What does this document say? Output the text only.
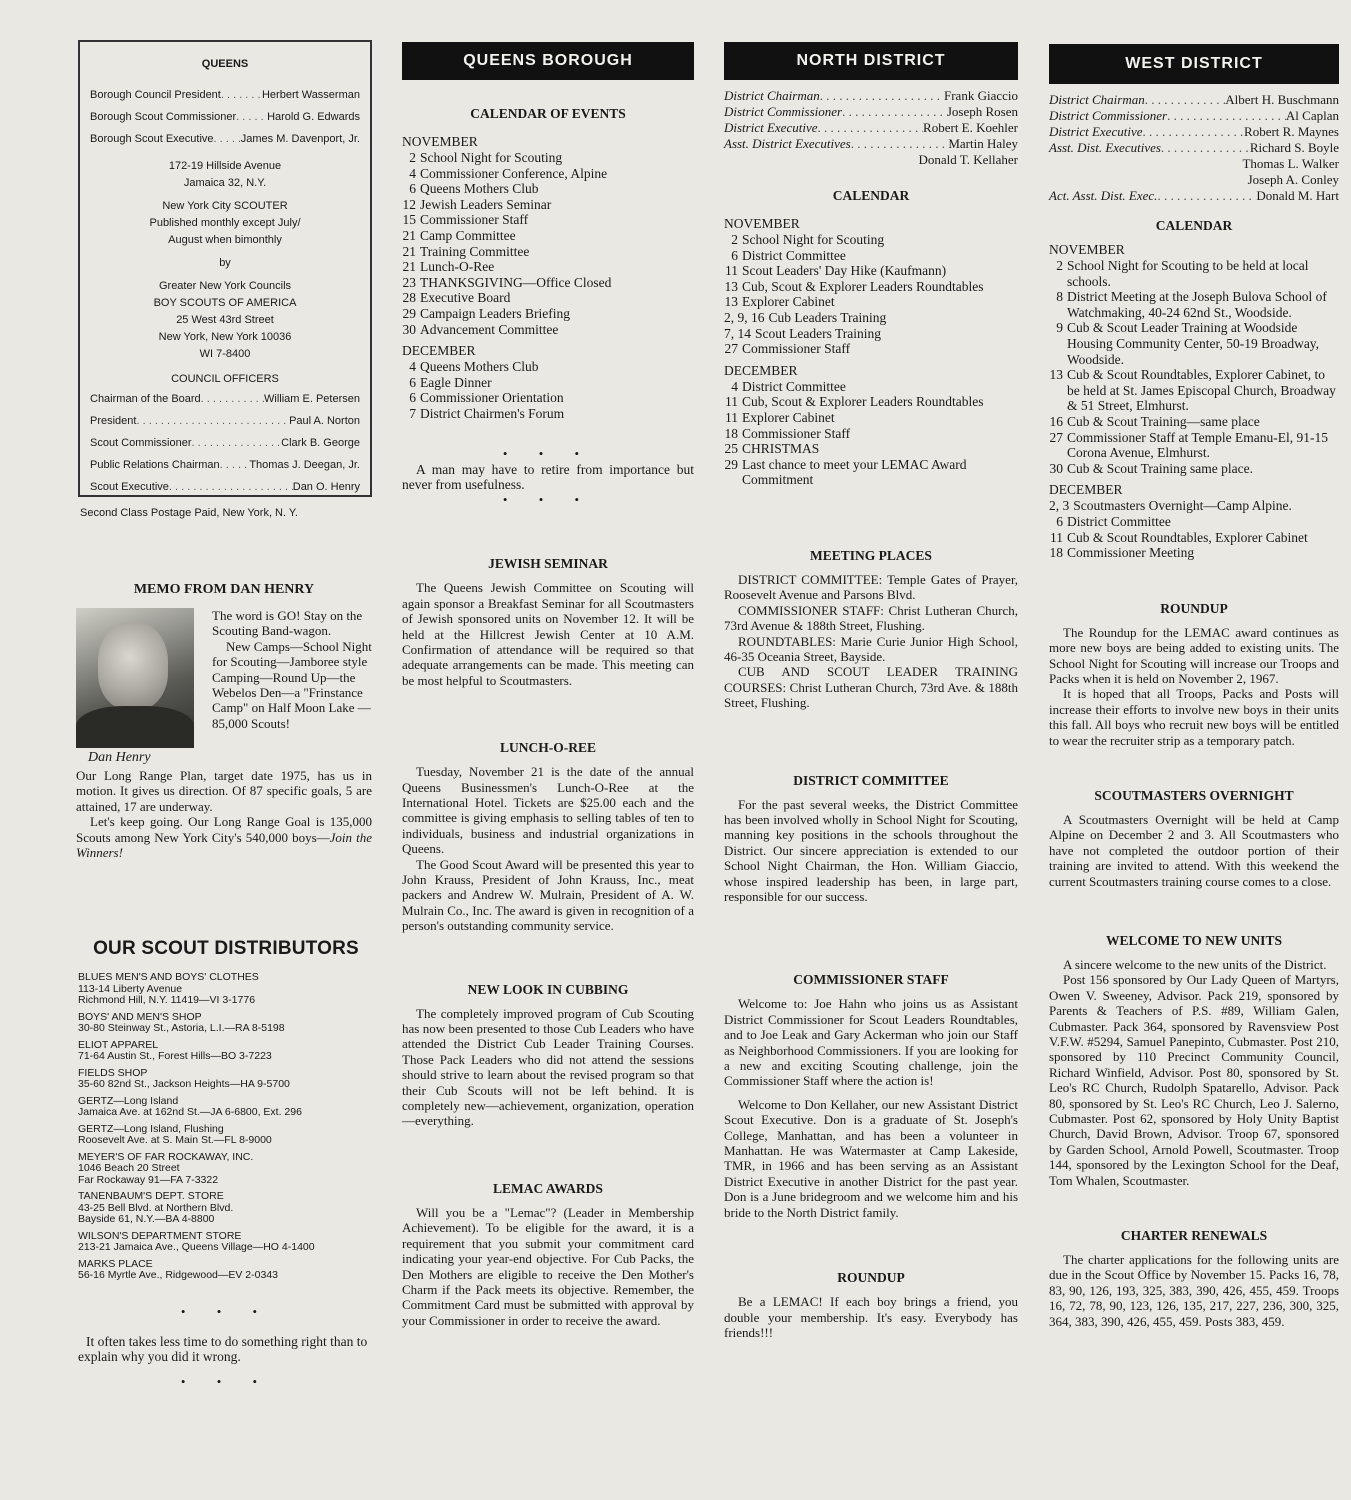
QUEENS
Borough Council President . . .	Herbert Wasserman
Borough Scout Commissioner . . .	Harold G. Edwards
Borough Scout Executive . . . James M. Davenport, Jr.
172-19 Hillside Avenue
Jamaica 32, N.Y.
New York City SCOUTER
Published monthly except July/
August when bimonthly
by
Greater New York Councils
BOY SCOUTS OF AMERICA
25 West 43rd Street
New York, New York 10036
WI 7-8400
COUNCIL OFFICERS
Chairman of the Board . . .	William E. Petersen
President . . .	Paul A. Norton
Scout Commissioner . . .	Clark B. George
Public Relations Chairman . . .	Thomas J. Deegan, Jr.
Scout Executive . . .	Dan O. Henry
Second Class Postage Paid, New York, N. Y.
MEMO FROM DAN HENRY
Dan Henry

The word is GO! Stay on the Scouting Band-wagon.

New Camps—School Night for Scouting—Jamboree style Camping—Round Up—the Webelos Den—a "Frinstance Camp" on Half Moon Lake — 85,000 Scouts!

Our Long Range Plan, target date 1975, has us in motion. It gives us direction. Of 87 specific goals, 5 are attained, 17 are underway.

Let's keep going. Our Long Range Goal is 135,000 Scouts among New York City's 540,000 boys—Join the Winners!

OUR SCOUT DISTRIBUTORS
BLUES MEN'S AND BOYS' CLOTHES
113-14 Liberty Avenue
Richmond Hill, N.Y. 11419—VI 3-1776
BOYS' AND MEN'S SHOP
30-80 Steinway St., Astoria, L.I.—RA 8-5198
ELIOT APPAREL
71-64 Austin St., Forest Hills—BO 3-7223
FIELDS SHOP
35-60 82nd St., Jackson Heights—HA 9-5700
GERTZ—Long Island
Jamaica Ave. at 162nd St.—JA 6-6800, Ext. 296
GERTZ—Long Island, Flushing
Roosevelt Ave. at S. Main St.—FL 8-9000
MEYER'S OF FAR ROCKAWAY, INC.
1046 Beach 20 Street
Far Rockaway 91—FA 7-3322
TANENBAUM'S DEPT. STORE
43-25 Bell Blvd. at Northern Blvd.
Bayside 61, N.Y.—BA 4-8800
WILSON'S DEPARTMENT STORE
213-21 Jamaica Ave., Queens Village—HO 4-1400
MARKS PLACE
56-16 Myrtle Ave., Ridgewood—EV 2-0343

• • •

It often takes less time to do something right than to explain why you did it wrong.

• • •

QUEENS BOROUGH
CALENDAR OF EVENTS
NOVEMBER

2 School Night for Scouting

4 Commissioner Conference, Alpine

6 Queens Mothers Club

12 Jewish Leaders Seminar

15 Commissioner Staff

21 Camp Committee

21 Training Committee

21 Lunch-O-Ree

23 THANKSGIVING—Office Closed

28 Executive Board

29 Campaign Leaders Briefing

30 Advancement Committee

DECEMBER

4 Queens Mothers Club

6 Eagle Dinner

6 Commissioner Orientation

7 District Chairmen's Forum

• • •

A man may have to retire from importance but never from usefulness.

• • •

JEWISH SEMINAR

The Queens Jewish Committee on Scouting will again sponsor a Breakfast Seminar for all Scoutmasters of Jewish sponsored units on November 12. It will be held at the Hillcrest Jewish Center at 10 A.M. Confirmation of attendance will be required so that adequate arrangements can be made. This meeting can be most helpful to Scoutmasters.

LUNCH-O-REE

Tuesday, November 21 is the date of the annual Queens Businessmen's Lunch-O-Ree at the International Hotel. Tickets are $25.00 each and the committee is giving emphasis to selling tables of ten to individuals, business and industrial organizations in Queens.

The Good Scout Award will be presented this year to John Krauss, President of John Krauss, Inc., meat packers and Andrew W. Mulrain, President of A. W. Mulrain Co., Inc. The award is given in recognition of a person's outstanding community service.

NEW LOOK IN CUBBING

The completely improved program of Cub Scouting has now been presented to those Cub Leaders who have attended the District Cub Leader Training Courses. Those Pack Leaders who did not attend the sessions should strive to learn about the revised program so that their Cub Scouts will not be left behind. It is completely new—achievement, organization, operation—everything.

LEMAC AWARDS

Will you be a "Lemac"? (Leader in Membership Achievement). To be eligible for the award, it is a requirement that you submit your commitment card indicating your year-end objective. For Cub Packs, the Den Mothers are eligible to receive the Den Mother's Charm if the Pack meets its objective. Remember, the Commitment Card must be submitted with approval by your Commissioner in order to receive the award.

NORTH DISTRICT
District Chairman . . .	Frank Giaccio
District Commissioner . . .	Joseph Rosen
District Executive . . .	Robert E. Koehler
Asst. District Executives . . .	Martin Haley
Donald T. Kellaher
CALENDAR
NOVEMBER

2 School Night for Scouting

6 District Committee

11 Scout Leaders' Day Hike (Kaufmann)

13 Cub, Scout & Explorer Leaders Roundtables

13 Explorer Cabinet

2, 9, 16 Cub Leaders Training

7, 14 Scout Leaders Training

27 Commissioner Staff

DECEMBER

4 District Committee

11 Cub, Scout & Explorer Leaders Roundtables

11 Explorer Cabinet

18 Commissioner Staff

25 CHRISTMAS

29 Last chance to meet your LEMAC Award Commitment

MEETING PLACES

DISTRICT COMMITTEE: Temple Gates of Prayer, Roosevelt Avenue and Parsons Blvd.

COMMISSIONER STAFF: Christ Lutheran Church, 73rd Avenue & 188th Street, Flushing.

ROUNDTABLES: Marie Curie Junior High School, 46-35 Oceania Street, Bayside.

CUB AND SCOUT LEADER TRAINING COURSES: Christ Lutheran Church, 73rd Ave. & 188th Street, Flushing.

DISTRICT COMMITTEE

For the past several weeks, the District Committee has been involved wholly in School Night for Scouting, manning key positions in the schools throughout the District. Our sincere appreciation is extended to our School Night Chairman, the Hon. William Giaccio, whose inspired leadership has been, in large part, responsible for our success.

COMMISSIONER STAFF

Welcome to: Joe Hahn who joins us as Assistant District Commissioner for Scout Leaders Roundtables, and to Joe Leak and Gary Ackerman who join our Staff as Neighborhood Commissioners. If you are looking for a new and exciting Scouting challenge, join the Commissioner Staff where the action is!

Welcome to Don Kellaher, our new Assistant District Scout Executive. Don is a graduate of St. Joseph's College, Manhattan, and has been a volunteer in Manhattan. He was Watermaster at Camp Lakeside, TMR, in 1966 and has been serving as an Assistant District Executive in another District for the past year. Don is a June bridegroom and we welcome him and his bride to the North District family.

ROUNDUP

Be a LEMAC! If each boy brings a friend, you double your membership. It's easy. Everybody has friends!!!

WEST DISTRICT
District Chairman . . .	Albert H. Buschmann
District Commissioner . . .	Al Caplan
District Executive . . .	Robert R. Maynes
Asst. Dist. Executives . . .	Richard S. Boyle
Thomas L. Walker
Joseph A. Conley
Act. Asst. Dist. Exec. . . .	Donald M. Hart
CALENDAR
NOVEMBER

2 School Night for Scouting to be held at local schools.

8 District Meeting at the Joseph Bulova School of Watchmaking, 40-24 62nd St., Woodside.

9 Cub & Scout Leader Training at Woodside Housing Community Center, 50-19 Broadway, Woodside.

13 Cub & Scout Roundtables, Explorer Cabinet, to be held at St. James Episcopal Church, Broadway & 51 Street, Elmhurst.

16 Cub & Scout Training—same place

27 Commissioner Staff at Temple Emanu-El, 91-15 Corona Avenue, Elmhurst.

30 Cub & Scout Training same place.

DECEMBER

2, 3 Scoutmasters Overnight—Camp Alpine.

6 District Committee

11 Cub & Scout Roundtables, Explorer Cabinet

18 Commissioner Meeting

ROUNDUP

The Roundup for the LEMAC award continues as more new boys are being added to existing units. The School Night for Scouting will increase our Troops and Packs when it is held on November 2, 1967.

It is hoped that all Troops, Packs and Posts will increase their efforts to involve new boys in their units this fall. All boys who recruit new boys will be entitled to wear the recruiter strip as a temporary patch.

SCOUTMASTERS OVERNIGHT

A Scoutmasters Overnight will be held at Camp Alpine on December 2 and 3. All Scoutmasters who have not completed the outdoor portion of their training are invited to attend. With this weekend the current Scoutmasters training course comes to a close.

WELCOME TO NEW UNITS

A sincere welcome to the new units of the District.

Post 156 sponsored by Our Lady Queen of Martyrs, Owen V. Sweeney, Advisor. Pack 219, sponsored by Parents & Teachers of P.S. #89, William Galen, Cubmaster. Pack 364, sponsored by Ravensview Post V.F.W. #5294, Samuel Panepinto, Cubmaster. Post 210, sponsored by 110 Precinct Community Council, Richard Winfield, Advisor. Post 80, sponsored by St. Leo's RC Church, Rudolph Spatarello, Advisor. Pack 80, sponsored by St. Leo's RC Church, Leo J. Salerno, Cubmaster. Post 62, sponsored by Holy Unity Baptist Church, David Brown, Advisor. Troop 67, sponsored by Garden School, Arnold Powell, Scoutmaster. Troop 144, sponsored by the Lexington School for the Deaf, Tom Whalen, Scoutmaster.

CHARTER RENEWALS

The charter applications for the following units are due in the Scout Office by November 15. Packs 16, 78, 83, 90, 126, 193, 325, 383, 390, 426, 455, 459. Troops 16, 72, 78, 90, 123, 126, 135, 217, 227, 236, 300, 325, 364, 383, 390, 426, 455, 459. Posts 383, 459.
